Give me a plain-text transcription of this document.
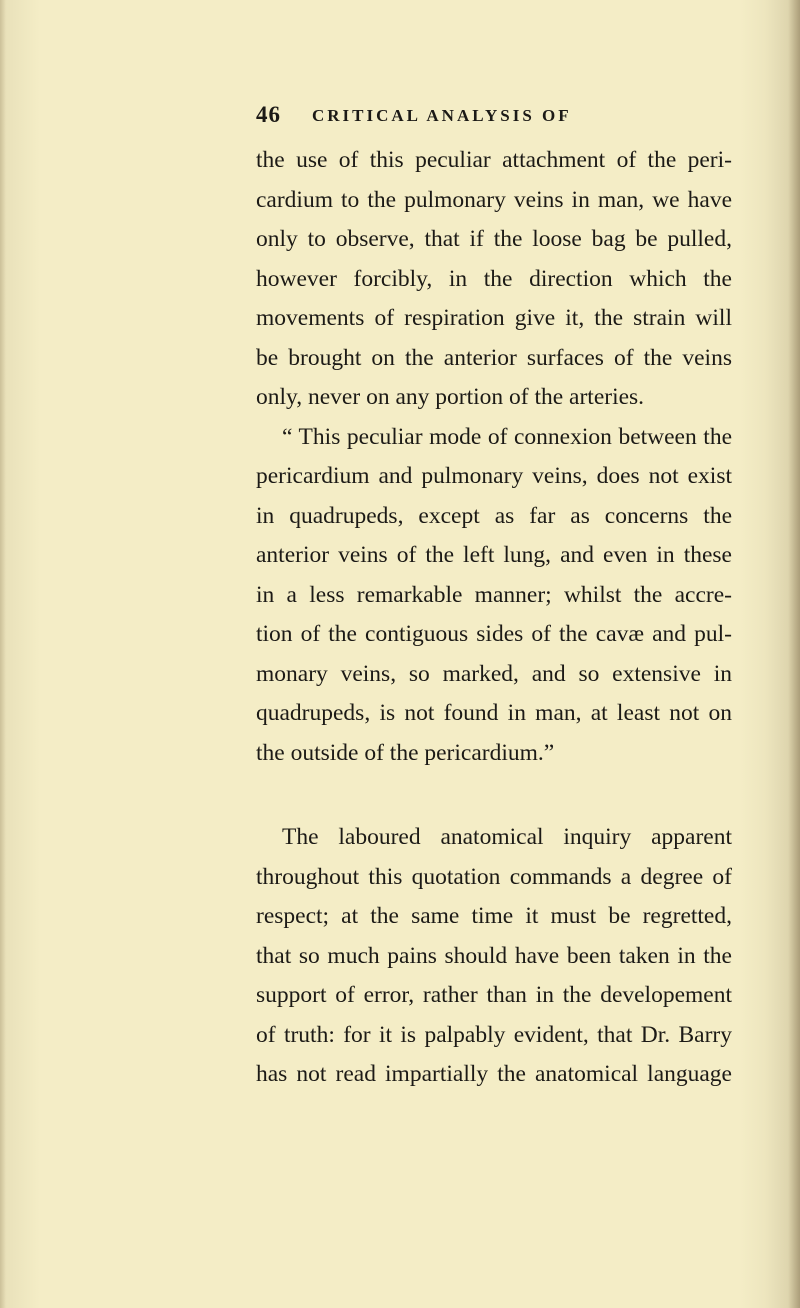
46 CRITICAL ANALYSIS OF
the use of this peculiar attachment of the peri-
cardium to the pulmonary veins in man, we have
only to observe, that if the loose bag be pulled,
however forcibly, in the direction which the
movements of respiration give it, the strain will
be brought on the anterior surfaces of the veins
only, never on any portion of the arteries.
“ This peculiar mode of connexion between the
pericardium and pulmonary veins, does not exist
in quadrupeds, except as far as concerns the
anterior veins of the left lung, and even in these
in a less remarkable manner; whilst the accre-
tion of the contiguous sides of the cavæ and pul-
monary veins, so marked, and so extensive in
quadrupeds, is not found in man, at least not on
the outside of the pericardium.”
The laboured anatomical inquiry apparent
throughout this quotation commands a degree of
respect; at the same time it must be regretted,
that so much pains should have been taken in the
support of error, rather than in the developement
of truth: for it is palpably evident, that Dr. Barry
has not read impartially the anatomical language
